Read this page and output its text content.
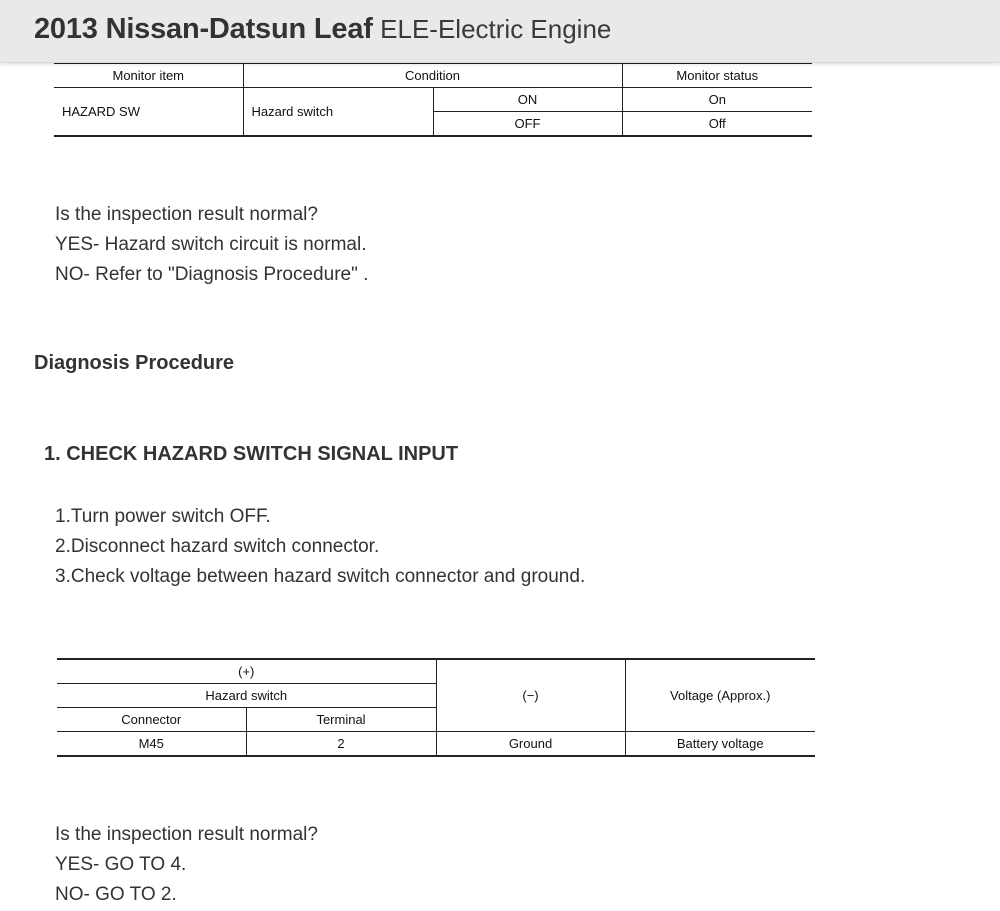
2013 Nissan-Datsun Leaf ELE-Electric Engine
Monitor item	Condition		Monitor status
HAZARD SW	Hazard switch	ON	On
		OFF	Off
Is the inspection result normal?
YES- Hazard switch circuit is normal.
NO- Refer to "Diagnosis Procedure" .
Diagnosis Procedure
1. CHECK HAZARD SWITCH SIGNAL INPUT
1.Turn power switch OFF.
2.Disconnect hazard switch connector.
3.Check voltage between hazard switch connector and ground.
(+)		(−)	Voltage (Approx.)
Hazard switch			
Connector	Terminal		
M45	2	Ground	Battery voltage
Is the inspection result normal?
YES- GO TO 4.
NO- GO TO 2.
